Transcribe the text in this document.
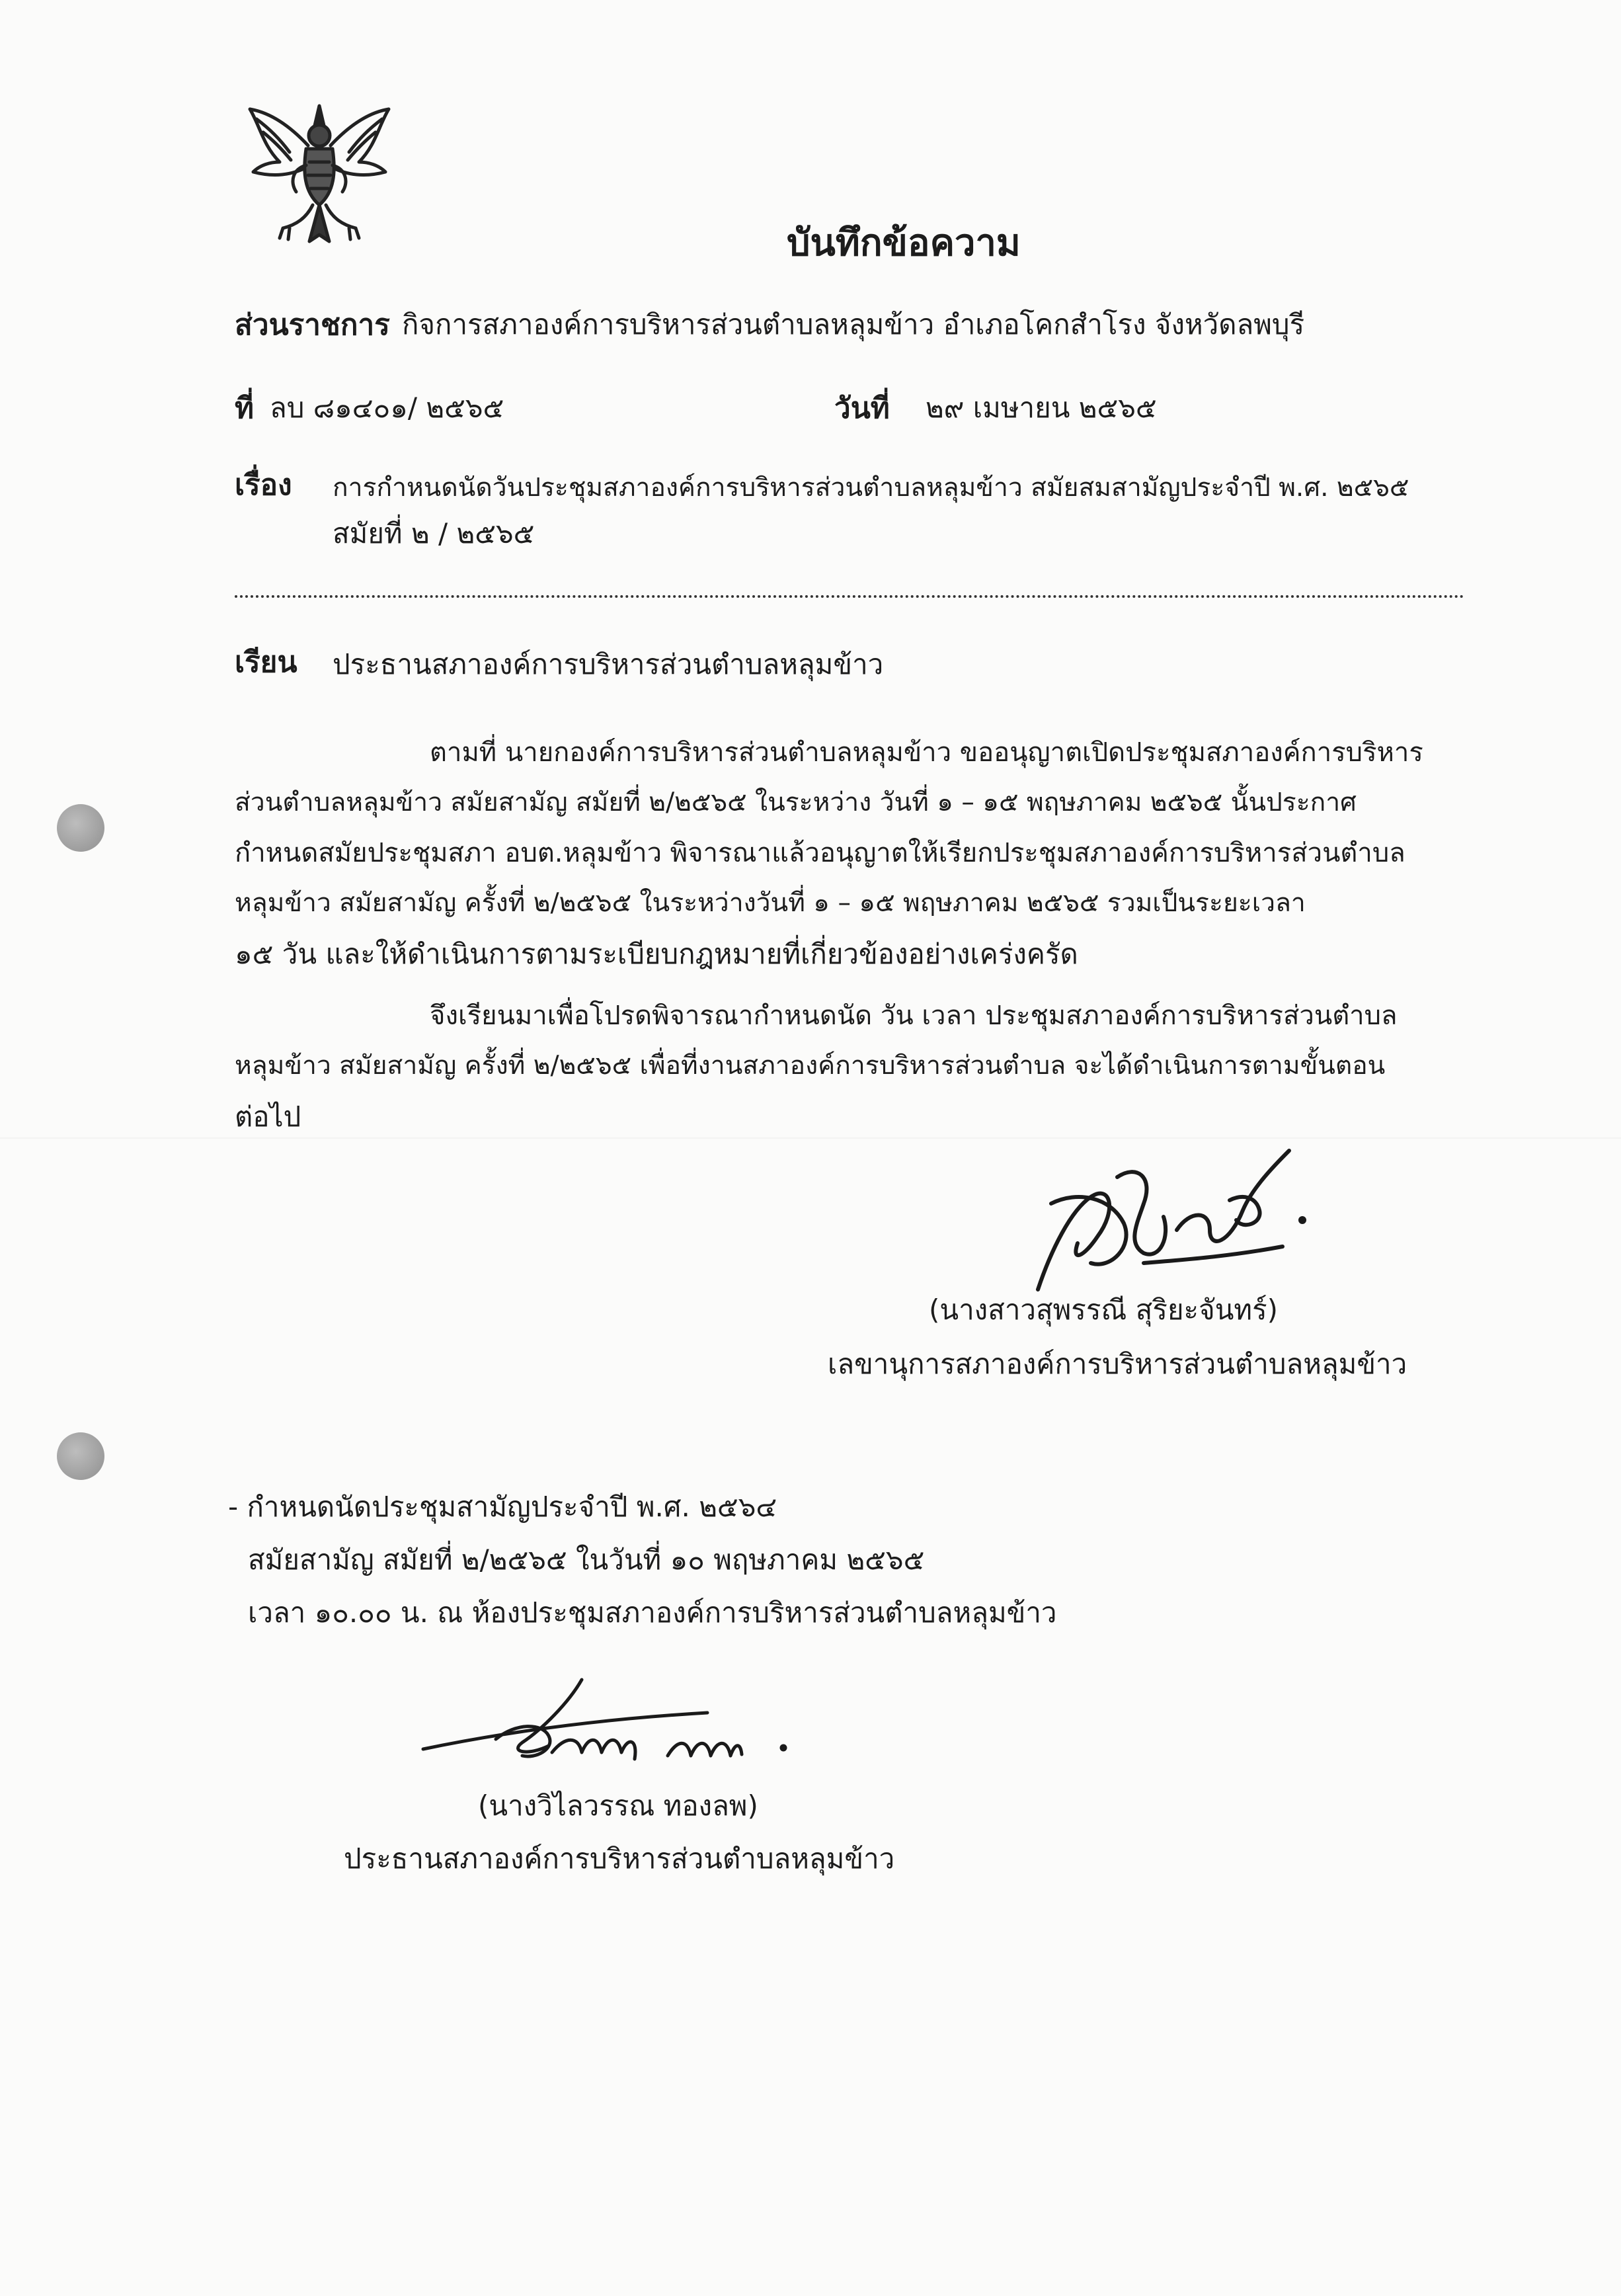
บันทึกข้อความ
ส่วนราชการ กิจการสภาองค์การบริหารส่วนตำบลหลุมข้าว อำเภอโคกสำโรง จังหวัดลพบุรี
ที่ ลบ ๘๑๔๐๑/ ๒๕๖๕	วันที่ ๒๙ เมษายน ๒๕๖๕
เรื่อง การกำหนดนัดวันประชุมสภาองค์การบริหารส่วนตำบลหลุมข้าว สมัยสมสามัญประจำปี พ.ศ. ๒๕๖๕
สมัยที่ ๒ / ๒๕๖๕
เรียน ประธานสภาองค์การบริหารส่วนตำบลหลุมข้าว
ตามที่ นายกองค์การบริหารส่วนตำบลหลุมข้าว ขออนุญาตเปิดประชุมสภาองค์การบริหาร
ส่วนตำบลหลุมข้าว สมัยสามัญ สมัยที่ ๒/๒๕๖๕ ในระหว่าง วันที่ ๑ – ๑๕ พฤษภาคม ๒๕๖๕ นั้นประกาศ
กำหนดสมัยประชุมสภา อบต.หลุมข้าว พิจารณาแล้วอนุญาตให้เรียกประชุมสภาองค์การบริหารส่วนตำบล
หลุมข้าว สมัยสามัญ ครั้งที่ ๒/๒๕๖๕ ในระหว่างวันที่ ๑ – ๑๕ พฤษภาคม ๒๕๖๕ รวมเป็นระยะเวลา
๑๕ วัน และให้ดำเนินการตามระเบียบกฎหมายที่เกี่ยวข้องอย่างเคร่งครัด
จึงเรียนมาเพื่อโปรดพิจารณากำหนดนัด วัน เวลา ประชุมสภาองค์การบริหารส่วนตำบล
หลุมข้าว สมัยสามัญ ครั้งที่ ๒/๒๕๖๕ เพื่อที่งานสภาองค์การบริหารส่วนตำบล จะได้ดำเนินการตามขั้นตอน
ต่อไป
(นางสาวสุพรรณี สุริยะจันทร์)
เลขานุการสภาองค์การบริหารส่วนตำบลหลุมข้าว
- กำหนดนัดประชุมสามัญประจำปี พ.ศ. ๒๕๖๔
สมัยสามัญ สมัยที่ ๒/๒๕๖๕ ในวันที่ ๑๐ พฤษภาคม ๒๕๖๕
เวลา ๑๐.๐๐ น. ณ ห้องประชุมสภาองค์การบริหารส่วนตำบลหลุมข้าว
(นางวิไลวรรณ ทองลพ)
ประธานสภาองค์การบริหารส่วนตำบลหลุมข้าว
